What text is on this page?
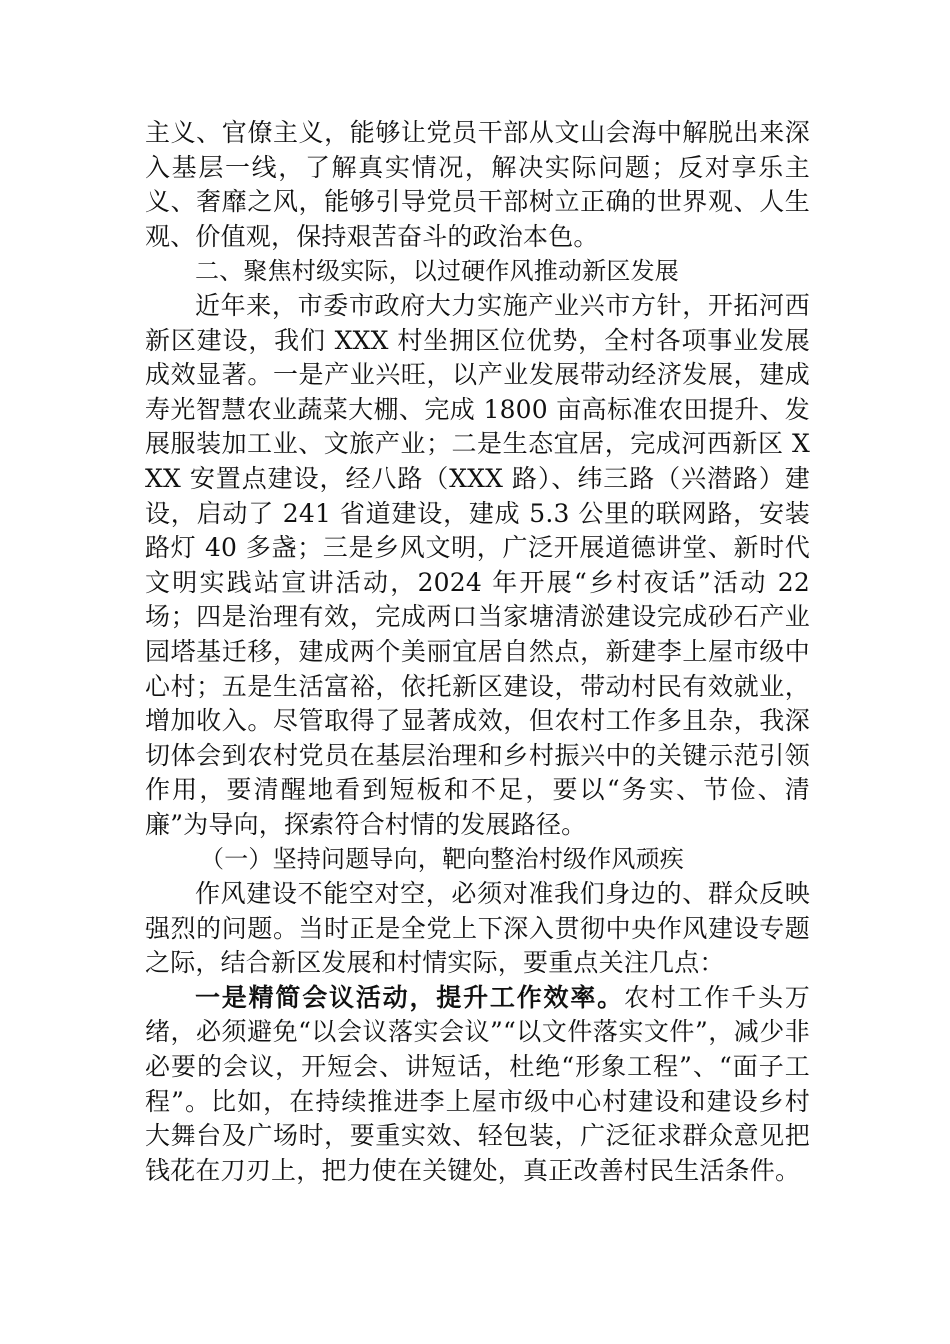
主义、官僚主义，能够让党员干部从文山会海中解脱出来深入基层一线，了解真实情况，解决实际问题；反对享乐主义、奢靡之风，能够引导党员干部树立正确的世界观、人生观、价值观，保持艰苦奋斗的政治本色。

二、聚焦村级实际，以过硬作风推动新区发展

近年来，市委市政府大力实施产业兴市方针，开拓河西新区建设，我们 XXX 村坐拥区位优势，全村各项事业发展成效显著。一是产业兴旺，以产业发展带动经济发展，建成寿光智慧农业蔬菜大棚、完成 1800 亩高标准农田提升、发展服装加工业、文旅产业；二是生态宜居，完成河西新区 XXX 安置点建设，经八路（XXX 路）、纬三路（兴潜路）建设，启动了 241 省道建设，建成 5.3 公里的联网路，安装路灯 40 多盏；三是乡风文明，广泛开展道德讲堂、新时代文明实践站宣讲活动，2024 年开展“乡村夜话”活动 22 场；四是治理有效，完成两口当家塘清淤建设完成砂石产业园塔基迁移，建成两个美丽宜居自然点，新建李上屋市级中心村；五是生活富裕，依托新区建设，带动村民有效就业，增加收入。尽管取得了显著成效，但农村工作多且杂，我深切体会到农村党员在基层治理和乡村振兴中的关键示范引领作用，要清醒地看到短板和不足，要以“务实、节俭、清廉”为导向，探索符合村情的发展路径。

（一）坚持问题导向，靶向整治村级作风顽疾

作风建设不能空对空，必须对准我们身边的、群众反映强烈的问题。当时正是全党上下深入贯彻中央作风建设专题之际，结合新区发展和村情实际，要重点关注几点：

一是精简会议活动，提升工作效率。农村工作千头万绪，必须避免“以会议落实会议”“以文件落实文件”，减少非必要的会议，开短会、讲短话，杜绝“形象工程”、“面子工程”。比如，在持续推进李上屋市级中心村建设和建设乡村大舞台及广场时，要重实效、轻包装，广泛征求群众意见把钱花在刀刃上，把力使在关键处，真正改善村民生活条件。
